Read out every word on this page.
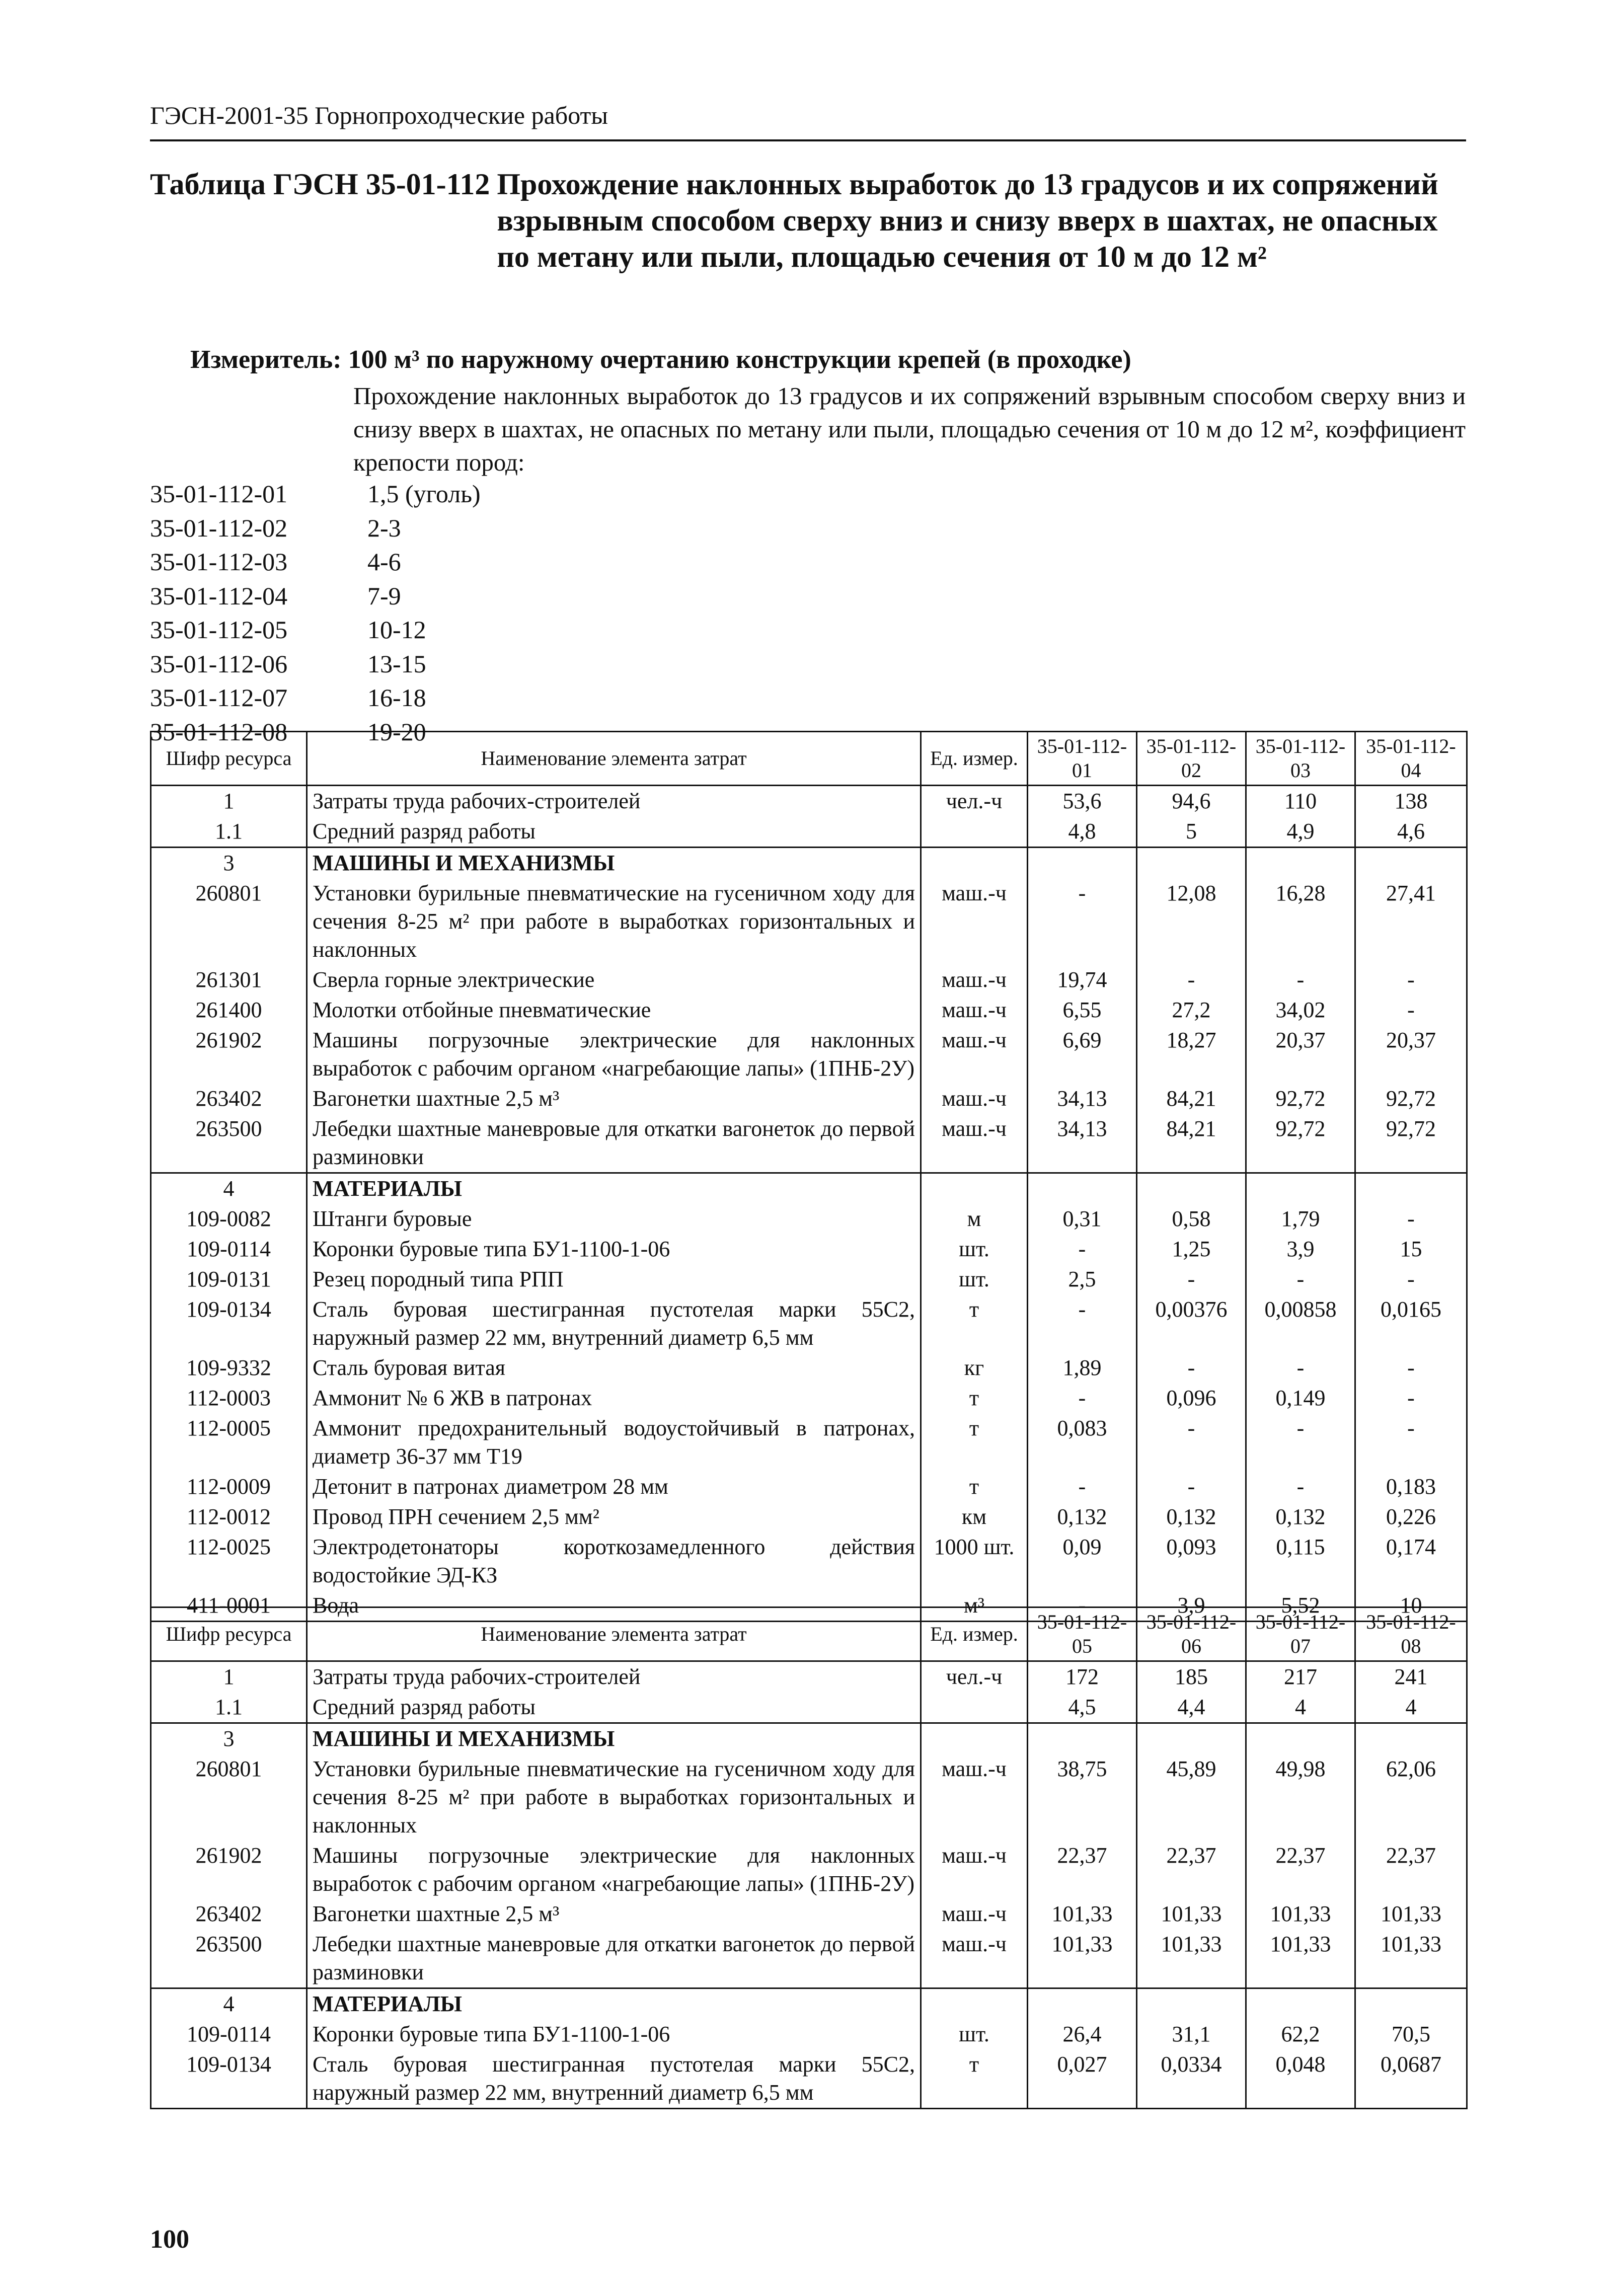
ГЭСН-2001-35 Горнопроходческие работы
Таблица ГЭСН 35-01-112 Прохождение наклонных выработок до 13 градусов и их сопряжений взрывным способом сверху вниз и снизу вверх в шахтах, не опасных по метану или пыли, площадью сечения от 10 м до 12 м²
Измеритель: 100 м³ по наружному очертанию конструкции крепей (в проходке)
Прохождение наклонных выработок до 13 градусов и их сопряжений взрывным способом сверху вниз и снизу вверх в шахтах, не опасных по метану или пыли, площадью сечения от 10 м до 12 м², коэффициент крепости пород:
35-01-112-01	1,5 (уголь)
35-01-112-02	2-3
35-01-112-03	4-6
35-01-112-04	7-9
35-01-112-05	10-12
35-01-112-06	13-15
35-01-112-07	16-18
35-01-112-08	19-20
Шифр ресурса	Наименование элемента затрат	Ед. измер.	35-01-112-01	35-01-112-02	35-01-112-03	35-01-112-04
1	Затраты труда рабочих-строителей	чел.-ч	53,6	94,6	110	138
1.1	Средний разряд работы		4,8	5	4,9	4,6
3	МАШИНЫ И МЕХАНИЗМЫ					
260801	Установки бурильные пневматические на гусеничном ходу для сечения 8-25 м² при работе в выработках горизонтальных и наклонных	маш.-ч	-	12,08	16,28	27,41
261301	Сверла горные электрические	маш.-ч	19,74	-	-	-
261400	Молотки отбойные пневматические	маш.-ч	6,55	27,2	34,02	-
261902	Машины погрузочные электрические для наклонных выработок с рабочим органом «нагребающие лапы» (1ПНБ-2У)	маш.-ч	6,69	18,27	20,37	20,37
263402	Вагонетки шахтные 2,5 м³	маш.-ч	34,13	84,21	92,72	92,72
263500	Лебедки шахтные маневровые для откатки вагонеток до первой разминовки	маш.-ч	34,13	84,21	92,72	92,72
4	МАТЕРИАЛЫ					
109-0082	Штанги буровые	м	0,31	0,58	1,79	-
109-0114	Коронки буровые типа БУ1-1100-1-06	шт.	-	1,25	3,9	15
109-0131	Резец породный типа РПП	шт.	2,5	-	-	-
109-0134	Сталь буровая шестигранная пустотелая марки 55С2, наружный размер 22 мм, внутренний диаметр 6,5 мм	т	-	0,00376	0,00858	0,0165
109-9332	Сталь буровая витая	кг	1,89	-	-	-
112-0003	Аммонит № 6 ЖВ в патронах	т	-	0,096	0,149	-
112-0005	Аммонит предохранительный водоустойчивый в патронах, диаметр 36-37 мм Т19	т	0,083	-	-	-
112-0009	Детонит в патронах диаметром 28 мм	т	-	-	-	0,183
112-0012	Провод ПРН сечением 2,5 мм²	км	0,132	0,132	0,132	0,226
112-0025	Электродетонаторы короткозамедленного действия водостойкие ЭД-КЗ	1000 шт.	0,09	0,093	0,115	0,174
411-0001	Вода	м³	-	3,9	5,52	10
Шифр ресурса	Наименование элемента затрат	Ед. измер.	35-01-112-05	35-01-112-06	35-01-112-07	35-01-112-08
1	Затраты труда рабочих-строителей	чел.-ч	172	185	217	241
1.1	Средний разряд работы		4,5	4,4	4	4
3	МАШИНЫ И МЕХАНИЗМЫ					
260801	Установки бурильные пневматические на гусеничном ходу для сечения 8-25 м² при работе в выработках горизонтальных и наклонных	маш.-ч	38,75	45,89	49,98	62,06
261902	Машины погрузочные электрические для наклонных выработок с рабочим органом «нагребающие лапы» (1ПНБ-2У)	маш.-ч	22,37	22,37	22,37	22,37
263402	Вагонетки шахтные 2,5 м³	маш.-ч	101,33	101,33	101,33	101,33
263500	Лебедки шахтные маневровые для откатки вагонеток до первой разминовки	маш.-ч	101,33	101,33	101,33	101,33
4	МАТЕРИАЛЫ					
109-0114	Коронки буровые типа БУ1-1100-1-06	шт.	26,4	31,1	62,2	70,5
109-0134	Сталь буровая шестигранная пустотелая марки 55С2, наружный размер 22 мм, внутренний диаметр 6,5 мм	т	0,027	0,0334	0,048	0,0687
100
